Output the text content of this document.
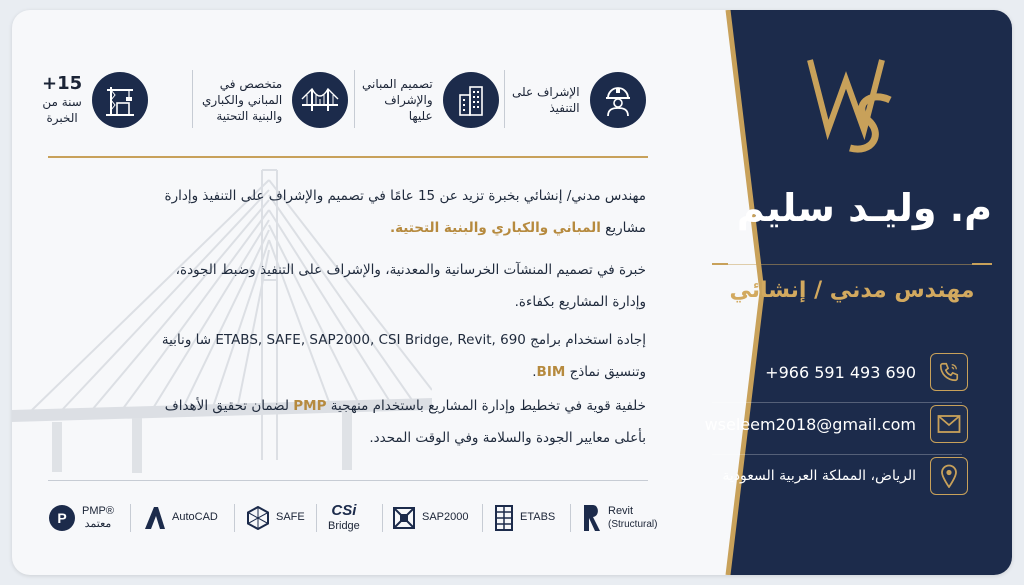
م. وليـد سليم
مهندس مدني / إنشائي
+966 591 493 690
wseleem2018@gmail.com
الرياض، المملكة العربية السعودية
الإشراف على
التنفيذ
تصميم المباني
والإشراف
عليها
متخصص في
المباني والكباري
والبنية التحتية
+15
سنة من
الخبرة
مهندس مدني/ إنشائي بخبرة تزيد عن 15 عامًا في تصميم والإشراف على التنفيذ وإدارة
مشاريع المباني والكباري والبنية التحتية.
خبرة في تصميم المنشآت الخرسانية والمعدنية، والإشراف على التنفيذ وضبط الجودة،
وإدارة المشاريع بكفاءة.
إجادة استخدام برامج ETABS, SAFE, SAP2000, CSI Bridge, Revit, 690 شا ونابية
وتنسيق نماذج BIM.
خلفية قوية في تخطيط وإدارة المشاريع باستخدام منهجية PMP لضمان تحقيق الأهداف
بأعلى معايير الجودة والسلامة وفي الوقت المحدد.
P PMP®
معتمد
AutoCAD	SAFE CSi
Bridge
SAP2000	ETABS
Revit
(Structural)
